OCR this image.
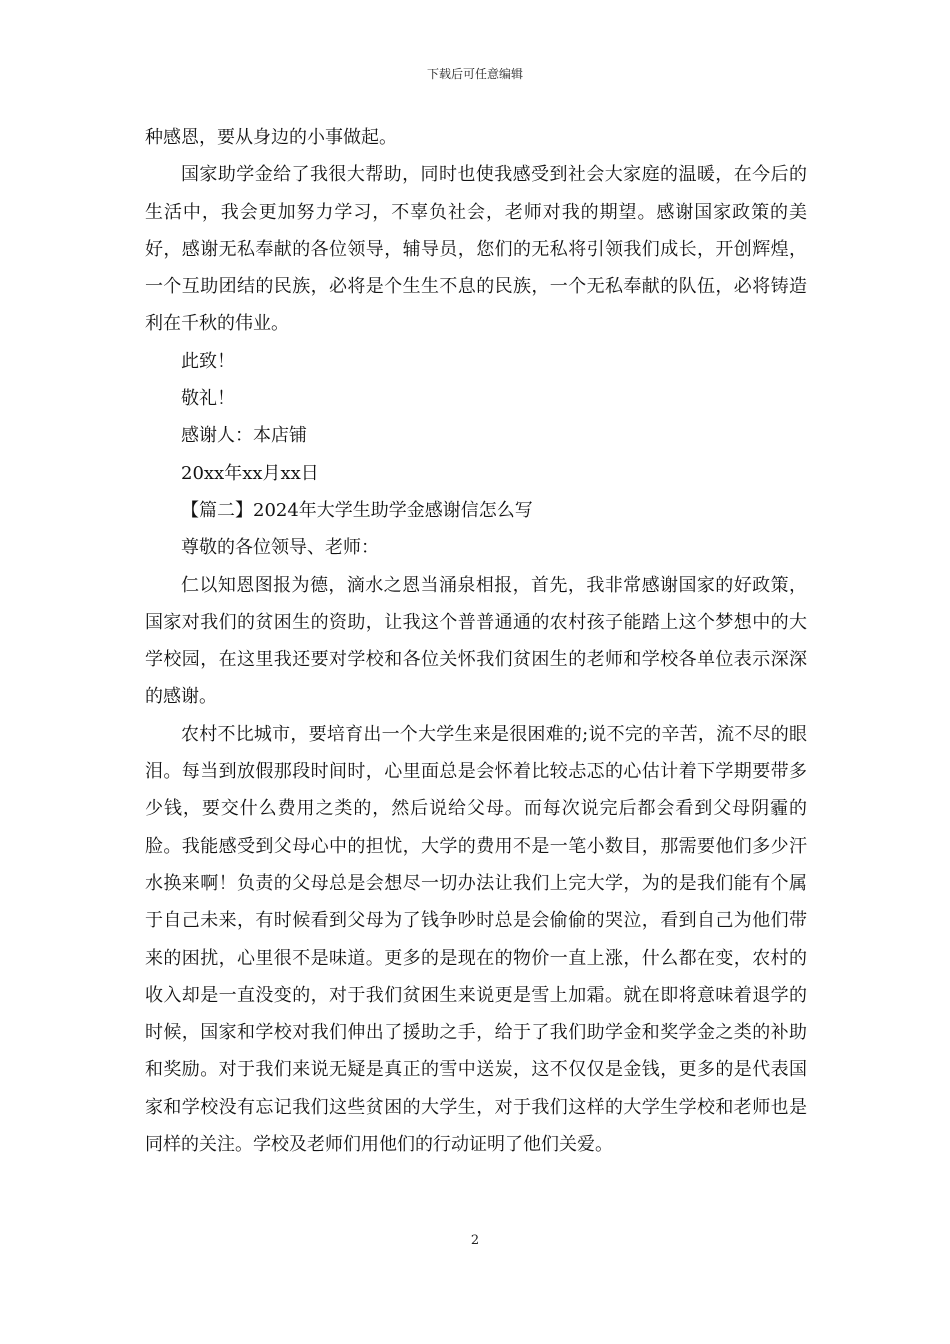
下载后可任意编辑

种感恩，要从身边的小事做起。

国家助学金给了我很大帮助，同时也使我感受到社会大家庭的温暖，在今后的生活中，我会更加努力学习，不辜负社会，老师对我的期望。感谢国家政策的美好，感谢无私奉献的各位领导，辅导员，您们的无私将引领我们成长，开创辉煌，一个互助团结的民族，必将是个生生不息的民族，一个无私奉献的队伍，必将铸造利在千秋的伟业。

此致！

敬礼！

感谢人：本店铺

20xx年xx月xx日

【篇二】2024年大学生助学金感谢信怎么写

尊敬的各位领导、老师：

仁以知恩图报为德，滴水之恩当涌泉相报，首先，我非常感谢国家的好政策，国家对我们的贫困生的资助，让我这个普普通通的农村孩子能踏上这个梦想中的大学校园，在这里我还要对学校和各位关怀我们贫困生的老师和学校各单位表示深深的感谢。

农村不比城市，要培育出一个大学生来是很困难的;说不完的辛苦，流不尽的眼泪。每当到放假那段时间时，心里面总是会怀着比较忐忑的心估计着下学期要带多少钱，要交什么费用之类的，然后说给父母。而每次说完后都会看到父母阴霾的脸。我能感受到父母心中的担忧，大学的费用不是一笔小数目，那需要他们多少汗水换来啊！负责的父母总是会想尽一切办法让我们上完大学，为的是我们能有个属于自己未来，有时候看到父母为了钱争吵时总是会偷偷的哭泣，看到自己为他们带来的困扰，心里很不是味道。更多的是现在的物价一直上涨，什么都在变，农村的收入却是一直没变的，对于我们贫困生来说更是雪上加霜。就在即将意味着退学的时候，国家和学校对我们伸出了援助之手，给于了我们助学金和奖学金之类的补助和奖励。对于我们来说无疑是真正的雪中送炭，这不仅仅是金钱，更多的是代表国家和学校没有忘记我们这些贫困的大学生，对于我们这样的大学生学校和老师也是同样的关注。学校及老师们用他们的行动证明了他们关爱。

2
